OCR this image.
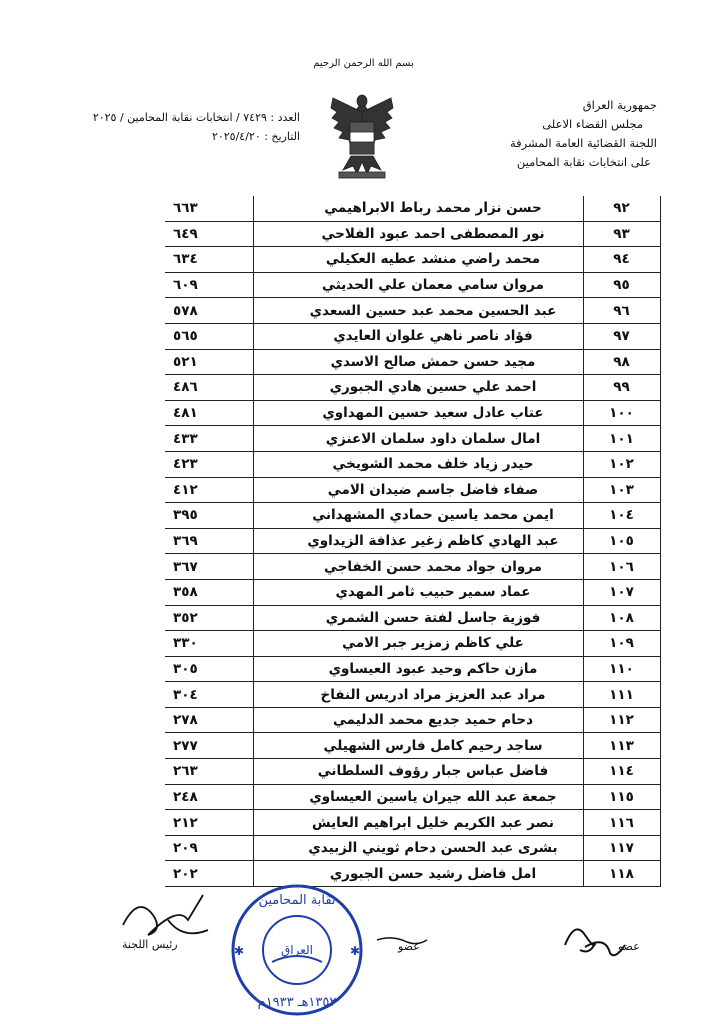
بسم الله الرحمن الرحيم
جمهورية العراق
مجلس القضاء الاعلى
اللجنة القضائية العامة المشرفة
على انتخابات نقابة المحامين
العدد : ٧٤٢٩ / انتخابات نقابة المحامين / ٢٠٢٥
التاريخ : ٢٠٢٥/٤/٢٠
٩٢	حسن نزار محمد رباط الابراهيمي	٦٦٣
٩٣	نور المصطفى احمد عبود الفلاحي	٦٤٩
٩٤	محمد راضي منشد عطيه العكيلي	٦٣٤
٩٥	مروان سامي معمان علي الحديثي	٦٠٩
٩٦	عبد الحسين محمد عبد حسين السعدي	٥٧٨
٩٧	فؤاد ناصر ناهي علوان العايدي	٥٦٥
٩٨	مجيد حسن حمش صالح الاسدي	٥٢١
٩٩	احمد علي حسين هادي الجبوري	٤٨٦
١٠٠	عتاب عادل سعيد حسين المهداوي	٤٨١
١٠١	امال سلمان داود سلمان الاعنزي	٤٣٣
١٠٢	حيدر زياد خلف محمد الشويخي	٤٢٣
١٠٣	صفاء فاضل جاسم ضيدان الامي	٤١٢
١٠٤	ايمن محمد ياسين حمادي المشهداني	٣٩٥
١٠٥	عبد الهادي كاظم زغير عذافة الزيداوي	٣٦٩
١٠٦	مروان جواد محمد حسن الخفاجي	٣٦٧
١٠٧	عماد سمير حبيب ثامر المهدي	٣٥٨
١٠٨	فوزية جاسل لفتة حسن الشمري	٣٥٢
١٠٩	علي كاظم زمزير جبر الامي	٣٣٠
١١٠	مازن حاكم وحيد عبود العيساوي	٣٠٥
١١١	مراد عبد العزيز مراد ادريس النفاخ	٣٠٤
١١٢	دحام حميد جديع محمد الدليمي	٢٧٨
١١٣	ساجد رحيم كامل فارس الشهيلي	٢٧٧
١١٤	فاضل عباس جبار رؤوف السلطاني	٢٦٣
١١٥	جمعة عبد الله جيران ياسين العيساوي	٢٤٨
١١٦	نصر عبد الكريم خليل ابراهيم العايش	٢١٢
١١٧	بشرى عبد الحسن دحام ثويني الزبيدي	٢٠٩
١١٨	امل فاضل رشيد حسن الجبوري	٢٠٢
عضو
عضو
رئيس اللجنة	العراق
نقابة المحامين
١٣٥٢هـ ١٩٣٣م
✱	✱
